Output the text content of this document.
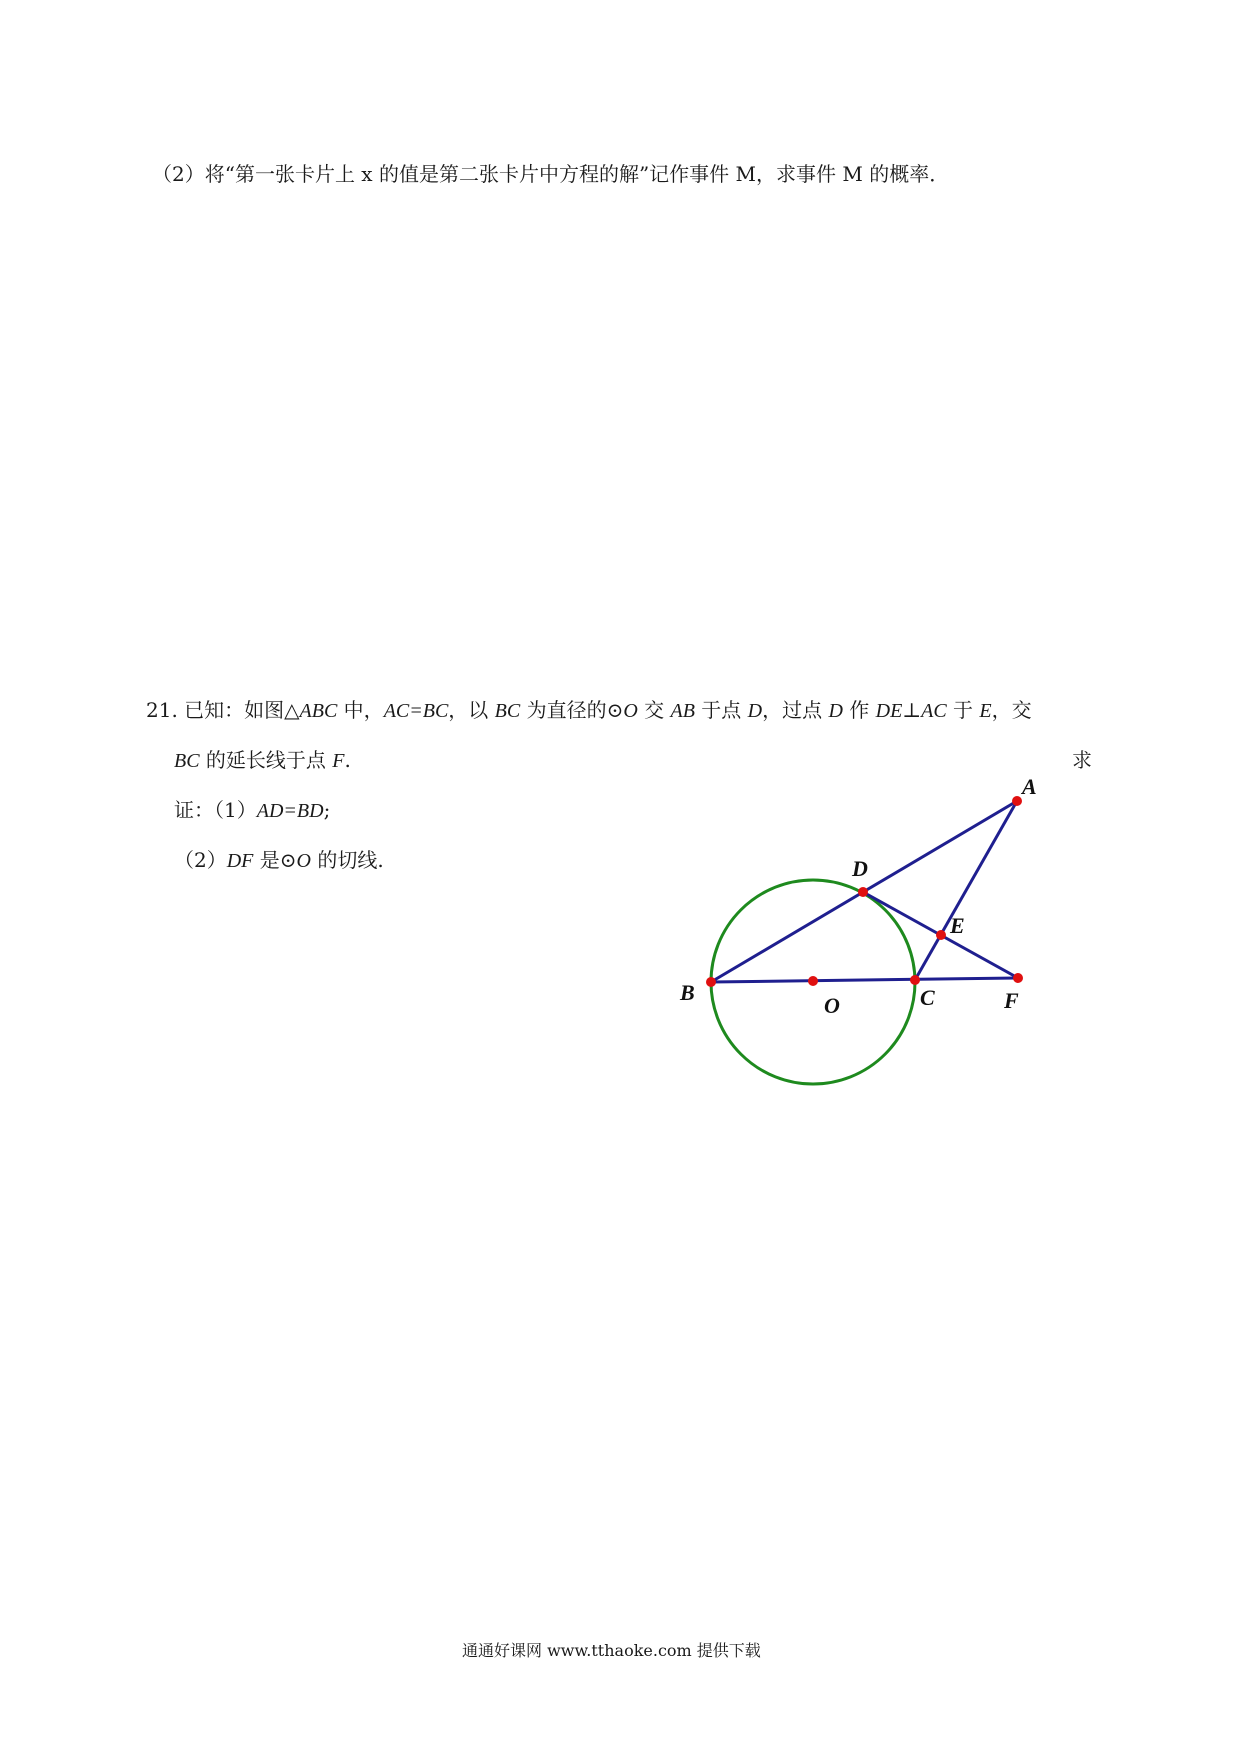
（2）将“第一张卡片上 x 的值是第二张卡片中方程的解”记作事件 M，求事件 M 的概率．
21. 已知：如图△ABC 中，AC=BC，以 BC 为直径的⊙O 交 AB 于点 D，过点 D 作 DE⊥AC 于 E，交
BC 的延长线于点 F.	求
证：（1）AD=BD;
（2）DF 是⊙O 的切线.
A
D
E
B
O	C	F
通通好课网 www.tthaoke.com 提供下载
